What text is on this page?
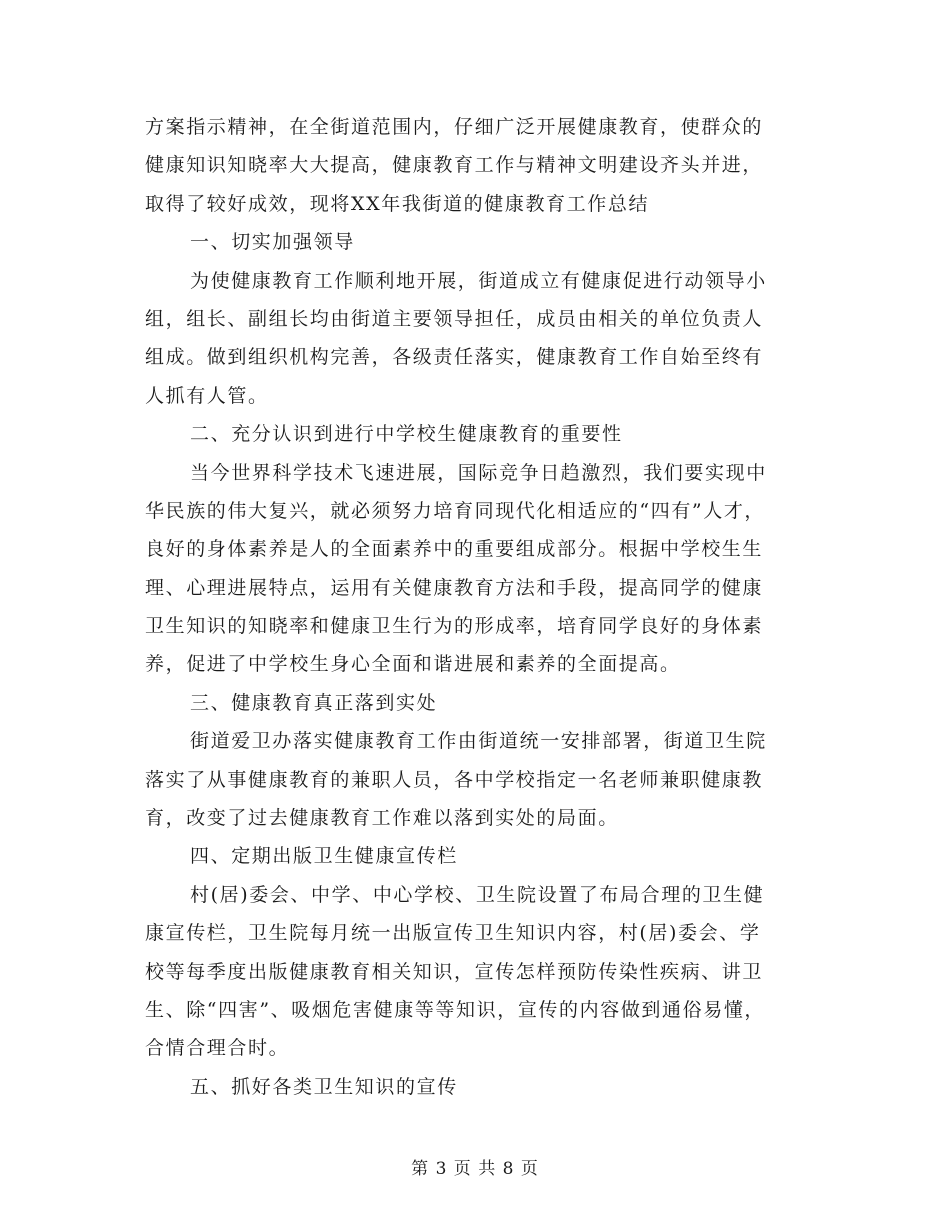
方案指示精神，在全街道范围内，仔细广泛开展健康教育，使群众的
健康知识知晓率大大提高，健康教育工作与精神文明建设齐头并进，
取得了较好成效，现将XX年我街道的健康教育工作总结
一、切实加强领导
为使健康教育工作顺利地开展，街道成立有健康促进行动领导小
组，组长、副组长均由街道主要领导担任，成员由相关的单位负责人
组成。做到组织机构完善，各级责任落实，健康教育工作自始至终有
人抓有人管。
二、充分认识到进行中学校生健康教育的重要性
当今世界科学技术飞速进展，国际竞争日趋激烈，我们要实现中
华民族的伟大复兴，就必须努力培育同现代化相适应的“四有”人才，
良好的身体素养是人的全面素养中的重要组成部分。根据中学校生生
理、心理进展特点，运用有关健康教育方法和手段，提高同学的健康
卫生知识的知晓率和健康卫生行为的形成率，培育同学良好的身体素
养，促进了中学校生身心全面和谐进展和素养的全面提高。
三、健康教育真正落到实处
街道爱卫办落实健康教育工作由街道统一安排部署，街道卫生院
落实了从事健康教育的兼职人员，各中学校指定一名老师兼职健康教
育，改变了过去健康教育工作难以落到实处的局面。
四、定期出版卫生健康宣传栏
村(居)委会、中学、中心学校、卫生院设置了布局合理的卫生健
康宣传栏，卫生院每月统一出版宣传卫生知识内容，村(居)委会、学
校等每季度出版健康教育相关知识，宣传怎样预防传染性疾病、讲卫
生、除“四害”、吸烟危害健康等等知识，宣传的内容做到通俗易懂，
合情合理合时。
五、抓好各类卫生知识的宣传
第 3 页 共 8 页
